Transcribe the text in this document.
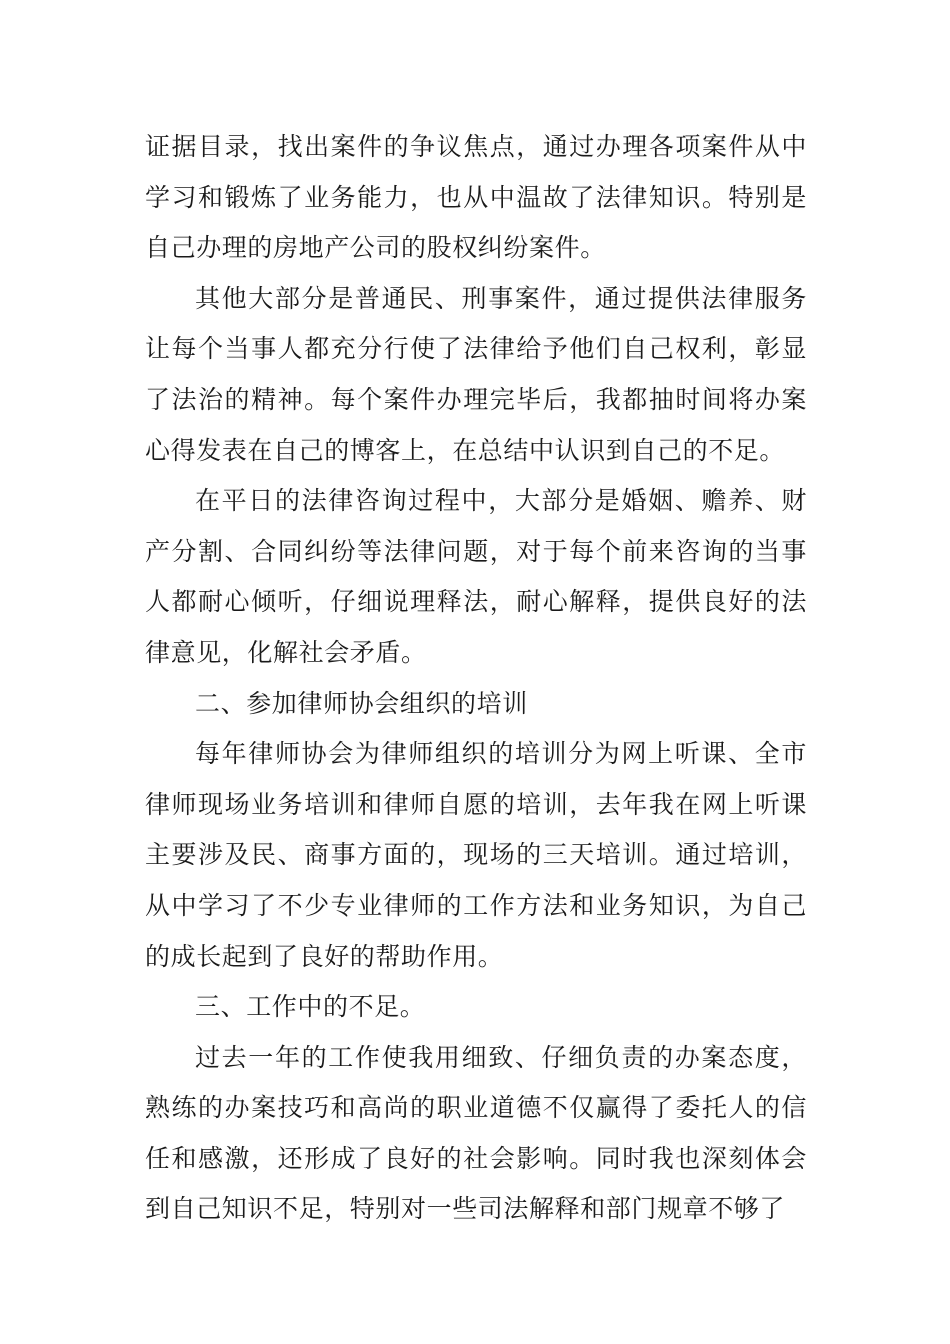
证据目录，找出案件的争议焦点，通过办理各项案件从中学习和锻炼了业务能力，也从中温故了法律知识。特别是自己办理的房地产公司的股权纠纷案件。

其他大部分是普通民、刑事案件，通过提供法律服务让每个当事人都充分行使了法律给予他们自己权利，彰显了法治的精神。每个案件办理完毕后，我都抽时间将办案心得发表在自己的博客上，在总结中认识到自己的不足。

在平日的法律咨询过程中，大部分是婚姻、赡养、财产分割、合同纠纷等法律问题，对于每个前来咨询的当事人都耐心倾听，仔细说理释法，耐心解释，提供良好的法律意见，化解社会矛盾。

二、参加律师协会组织的培训

每年律师协会为律师组织的培训分为网上听课、全市律师现场业务培训和律师自愿的培训，去年我在网上听课主要涉及民、商事方面的，现场的三天培训。通过培训，从中学习了不少专业律师的工作方法和业务知识，为自己的成长起到了良好的帮助作用。

三、工作中的不足。

过去一年的工作使我用细致、仔细负责的办案态度，熟练的办案技巧和高尚的职业道德不仅赢得了委托人的信任和感激，还形成了良好的社会影响。同时我也深刻体会到自己知识不足，特别对一些司法解释和部门规章不够了
